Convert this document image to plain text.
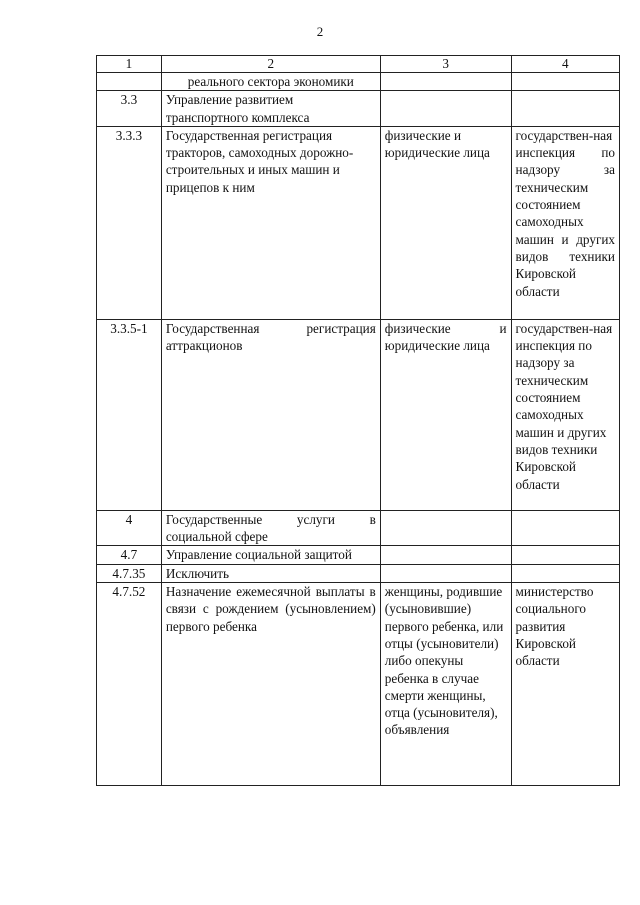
2
1	2	3	4
	реального сектора экономики		
3.3	Управление развитием транспортного комплекса		
3.3.3	Государственная регистрация тракторов, самоходных дорожно-строительных и иных машин и прицепов к ним	физические и юридические лица	государствен-ная инспекция по надзору за техническим состоянием самоходных машин и других видов техники Кировской области
3.3.5-1	Государственная регистрация аттракционов	физические и юридические лица	государствен-ная инспекция по надзору за техническим состоянием самоходных машин и других видов техники Кировской области
4	Государственные услуги в социальной сфере		
4.7	Управление социальной защитой		
4.7.35	Исключить		
4.7.52	Назначение ежемесячной выплаты в связи с рождением (усыновлением) первого ребенка	женщины, родившие (усыновившие) первого ребенка, или отцы (усыновители) либо опекуны ребенка в случае смерти женщины, отца (усыновителя), объявления	министерство социального развития Кировской области
